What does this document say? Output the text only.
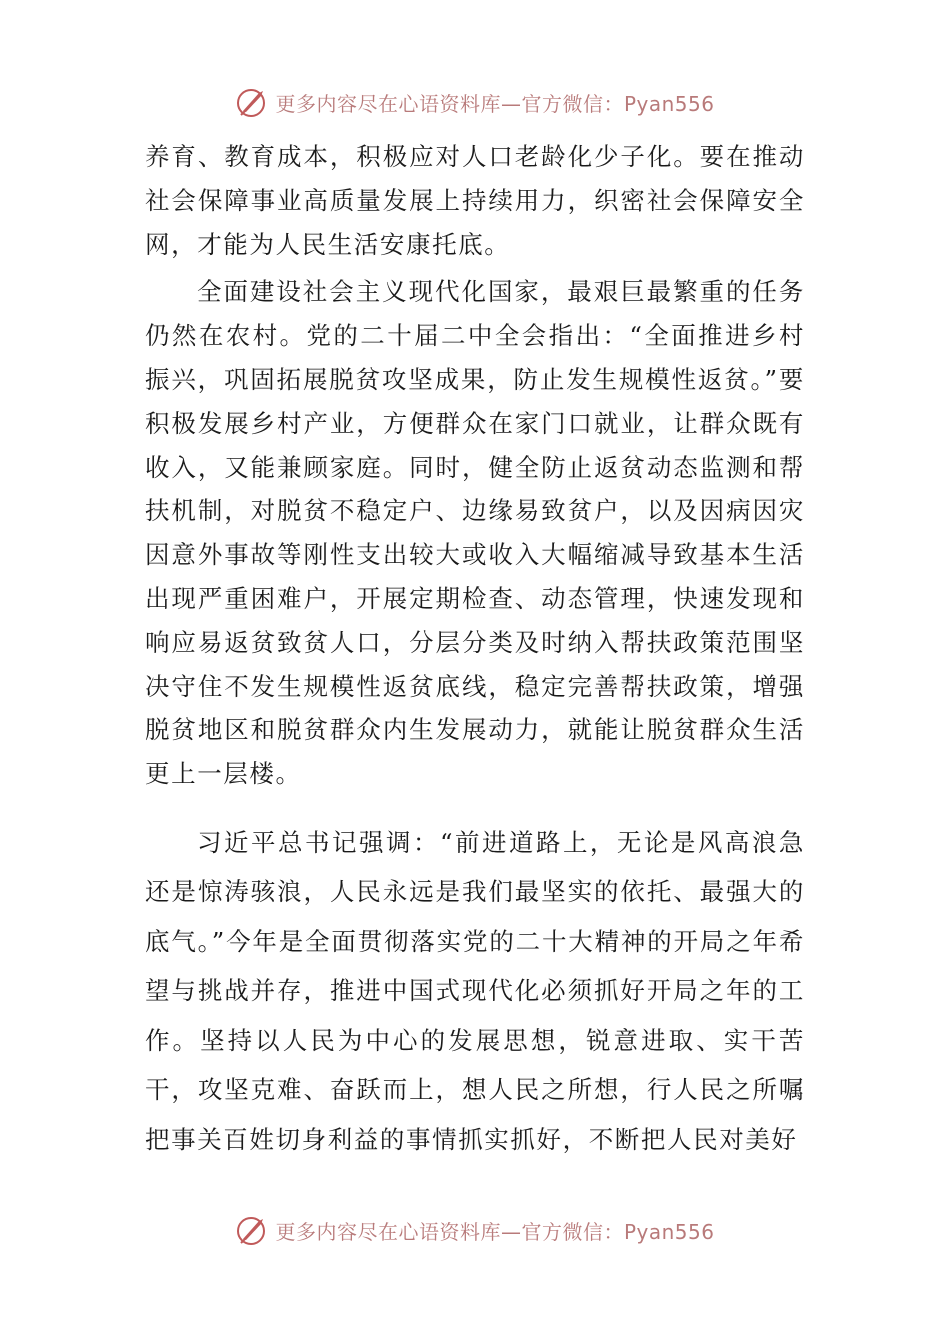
更多内容尽在心语资料库—官方微信：Pyan556

养育、教育成本，积极应对人口老龄化少子化。要在推动社会保障事业高质量发展上持续用力，织密社会保障安全网，才能为人民生活安康托底。

全面建设社会主义现代化国家，最艰巨最繁重的任务仍然在农村。党的二十届二中全会指出：“全面推进乡村振兴，巩固拓展脱贫攻坚成果，防止发生规模性返贫。”要积极发展乡村产业，方便群众在家门口就业，让群众既有收入，又能兼顾家庭。同时，健全防止返贫动态监测和帮扶机制，对脱贫不稳定户、边缘易致贫户，以及因病因灾因意外事故等刚性支出较大或收入大幅缩减导致基本生活出现严重困难户，开展定期检查、动态管理，快速发现和响应易返贫致贫人口，分层分类及时纳入帮扶政策范围坚决守住不发生规模性返贫底线，稳定完善帮扶政策，增强脱贫地区和脱贫群众内生发展动力，就能让脱贫群众生活更上一层楼。

习近平总书记强调：“前进道路上，无论是风高浪急还是惊涛骇浪，人民永远是我们最坚实的依托、最强大的底气。”今年是全面贯彻落实党的二十大精神的开局之年希望与挑战并存，推进中国式现代化必须抓好开局之年的工作。坚持以人民为中心的发展思想，锐意进取、实干苦干，攻坚克难、奋跃而上，想人民之所想，行人民之所嘱把事关百姓切身利益的事情抓实抓好，不断把人民对美好

更多内容尽在心语资料库—官方微信：Pyan556
